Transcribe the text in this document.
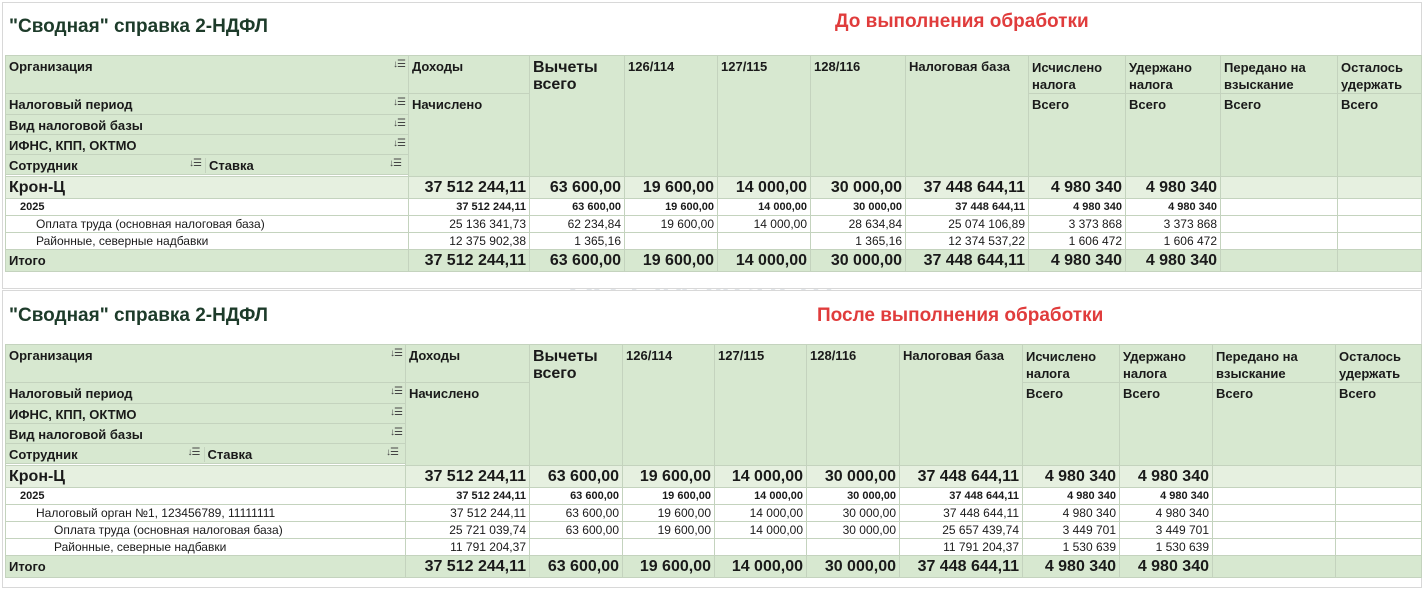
"Сводная" справка 2-НДФЛ	До выполнения обработки
Организация ↓☰	Доходы	Вычеты всего	126/114	127/115	128/116	Налоговая база	Исчислено налога	Удержано налога	Передано на взыскание	Осталось удержать

Налоговый период ↓☰	Начислено						Всего	Всего	Всего	Всего

Вид налоговой базы ↓☰										

ИФНС, КПП, ОКТМО ↓☰										

Сотрудник ↓☰ Ставка ↓☰										

Крон-Ц	37 512 244,11	63 600,00	19 600,00	14 000,00	30 000,00	37 448 644,11	4 980 340	4 980 340		
2025	37 512 244,11	63 600,00	19 600,00	14 000,00	30 000,00	37 448 644,11	4 980 340	4 980 340		
Оплата труда (основная налоговая база)	25 136 341,73	62 234,84	19 600,00	14 000,00	28 634,84	25 074 106,89	3 373 868	3 373 868		
Районные, северные надбавки	12 375 902,38	1 365,16			1 365,16	12 374 537,22	1 606 472	1 606 472		
Итого	37 512 244,11	63 600,00	19 600,00	14 000,00	30 000,00	37 448 644,11	4 980 340	4 980 340		
"Сводная" справка 2-НДФЛ	После выполнения обработки
Организация ↓☰	Доходы	Вычеты всего	126/114	127/115	128/116	Налоговая база	Исчислено налога	Удержано налога	Передано на взыскание	Осталось удержать

Налоговый период ↓☰	Начислено						Всего	Всего	Всего	Всего

ИФНС, КПП, ОКТМО ↓☰										

Вид налоговой базы ↓☰										

Сотрудник ↓☰ Ставка ↓☰										

Крон-Ц	37 512 244,11	63 600,00	19 600,00	14 000,00	30 000,00	37 448 644,11	4 980 340	4 980 340		
2025	37 512 244,11	63 600,00	19 600,00	14 000,00	30 000,00	37 448 644,11	4 980 340	4 980 340		
Налоговый орган №1, 123456789, 11111111	37 512 244,11	63 600,00	19 600,00	14 000,00	30 000,00	37 448 644,11	4 980 340	4 980 340		
Оплата труда (основная налоговая база)	25 721 039,74	63 600,00	19 600,00	14 000,00	30 000,00	25 657 439,74	3 449 701	3 449 701		
Районные, северные надбавки	11 791 204,37					11 791 204,37	1 530 639	1 530 639		
Итого	37 512 244,11	63 600,00	19 600,00	14 000,00	30 000,00	37 448 644,11	4 980 340	4 980 340		
